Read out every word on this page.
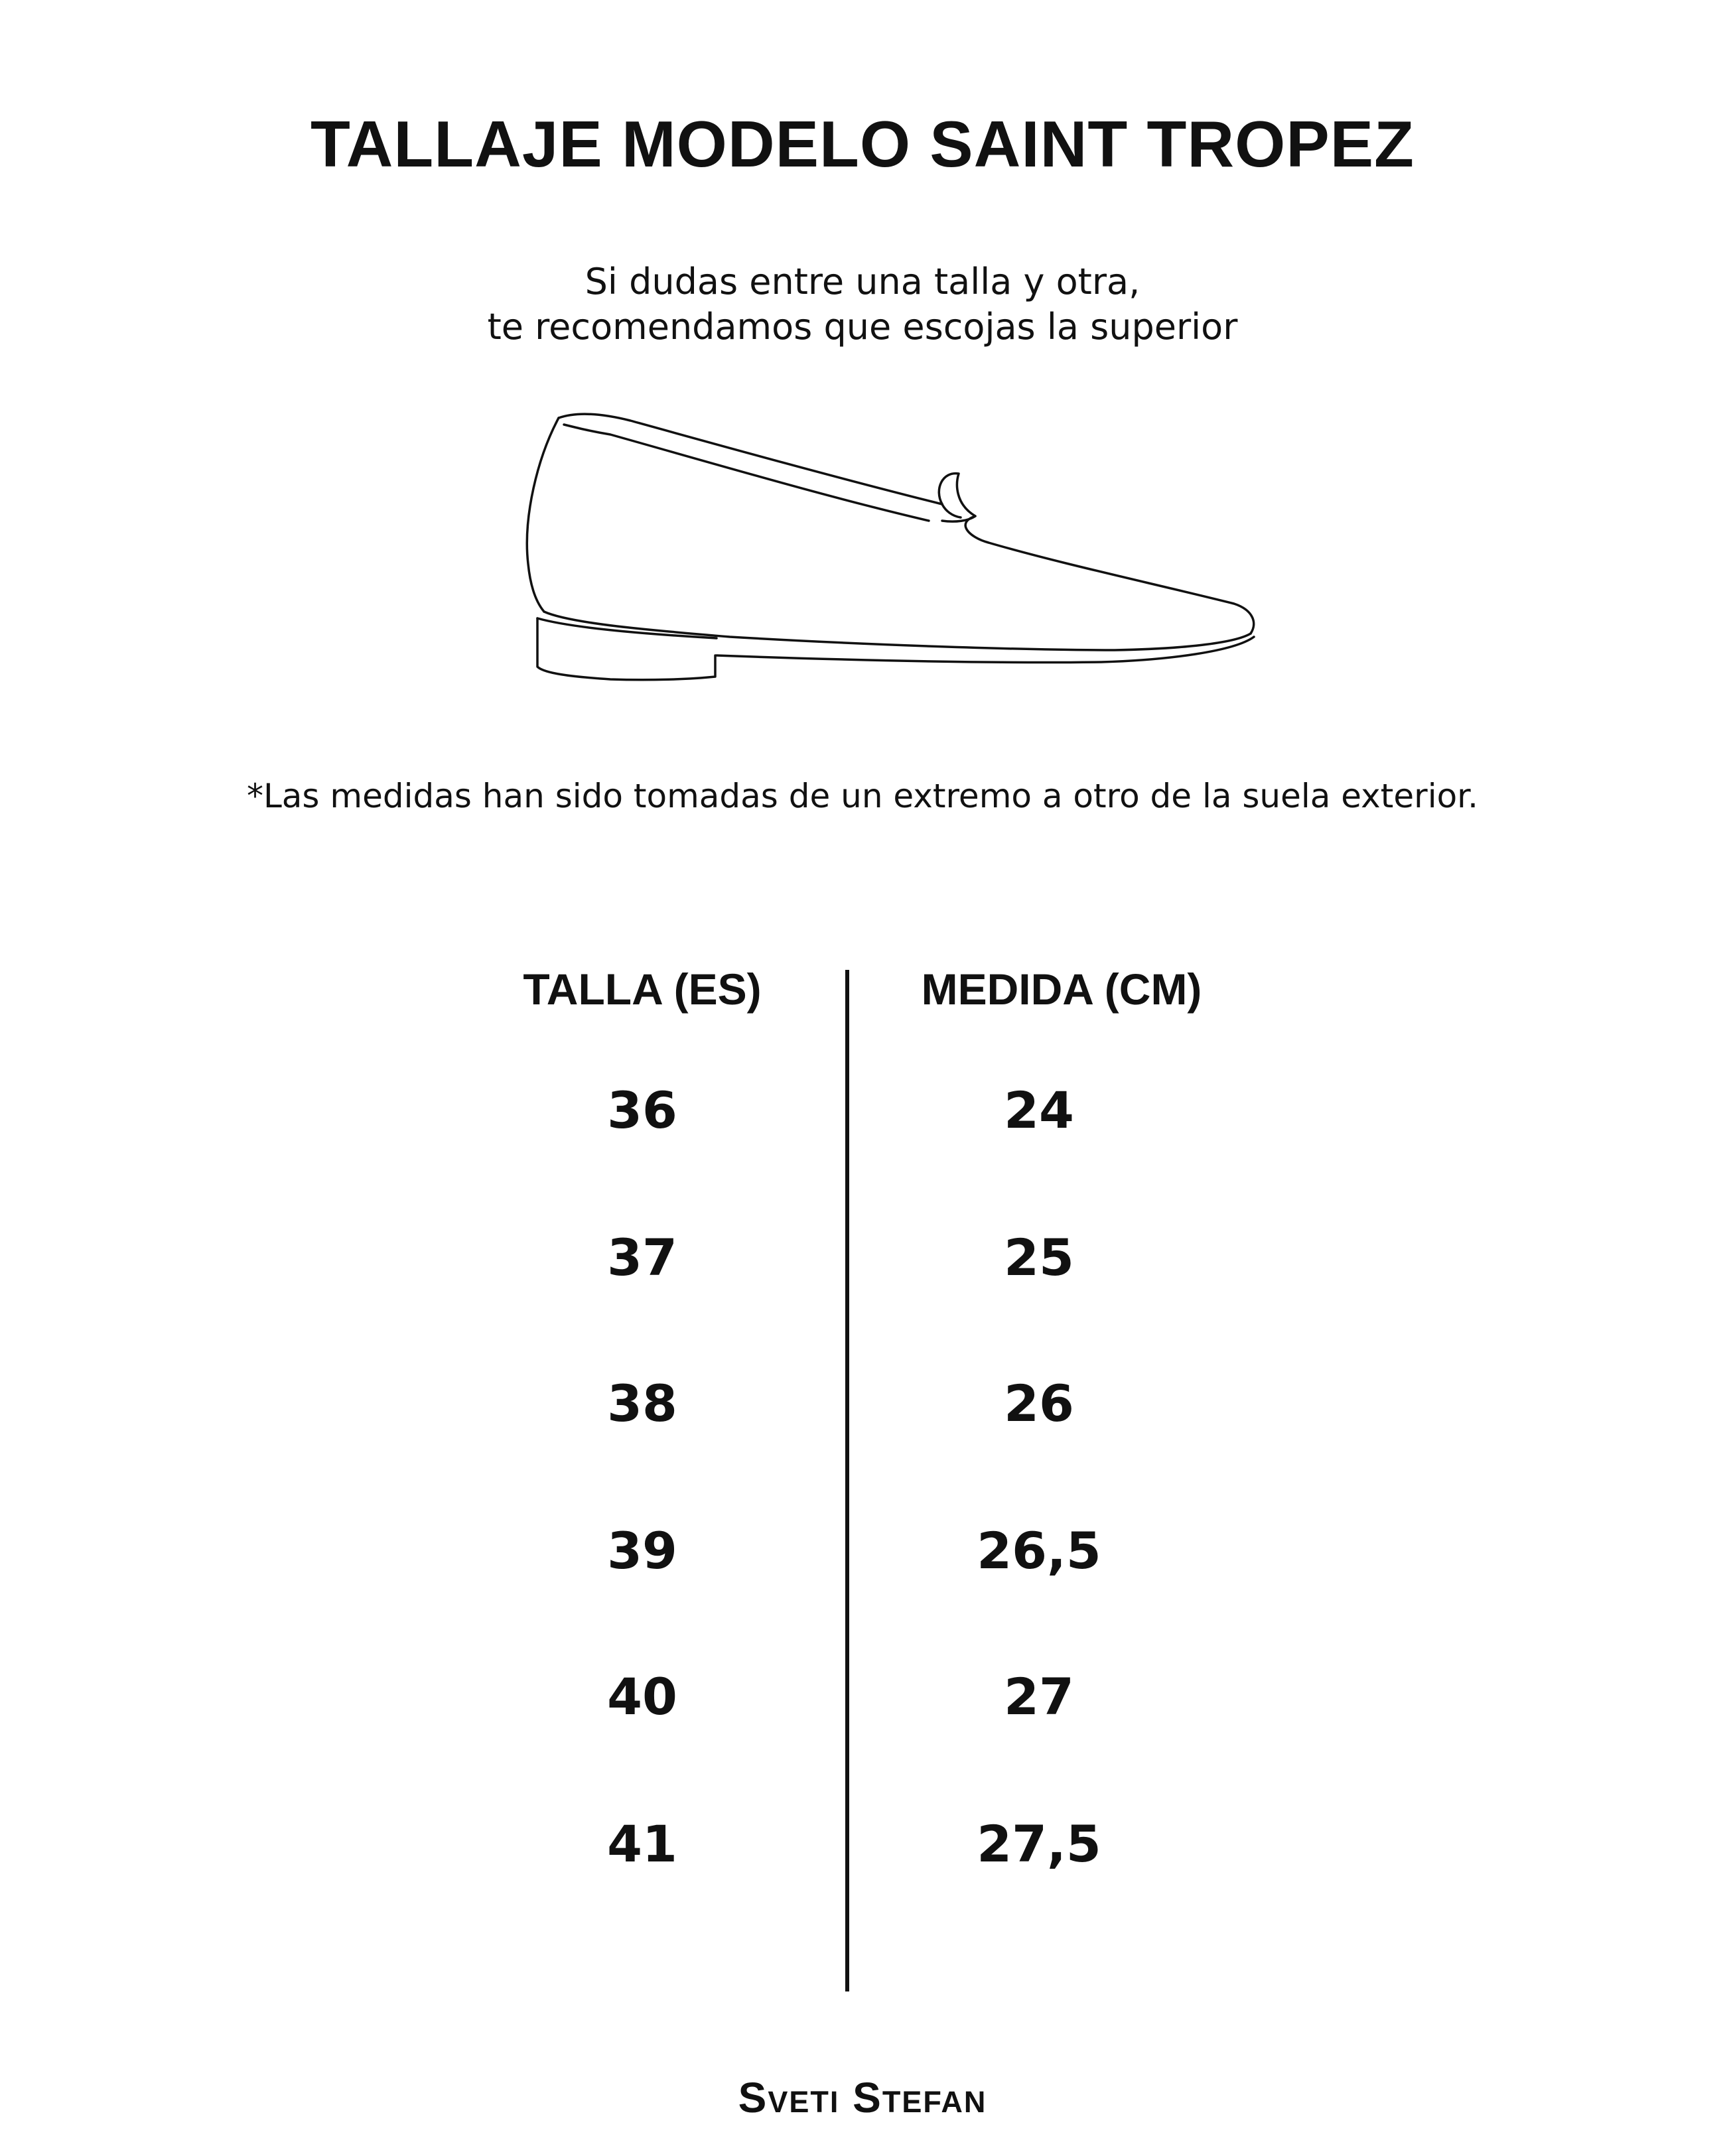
TALLAJE MODELO SAINT TROPEZ
Si dudas entre una talla y otra,
te recomendamos que escojas la superior
*Las medidas han sido tomadas de un extremo a otro de la suela exterior.
TALLA (ES)	MEDIDA (CM)
36	24
37	25
38	26
39	26,5
40	27
41	27,5
Sveti Stefan
